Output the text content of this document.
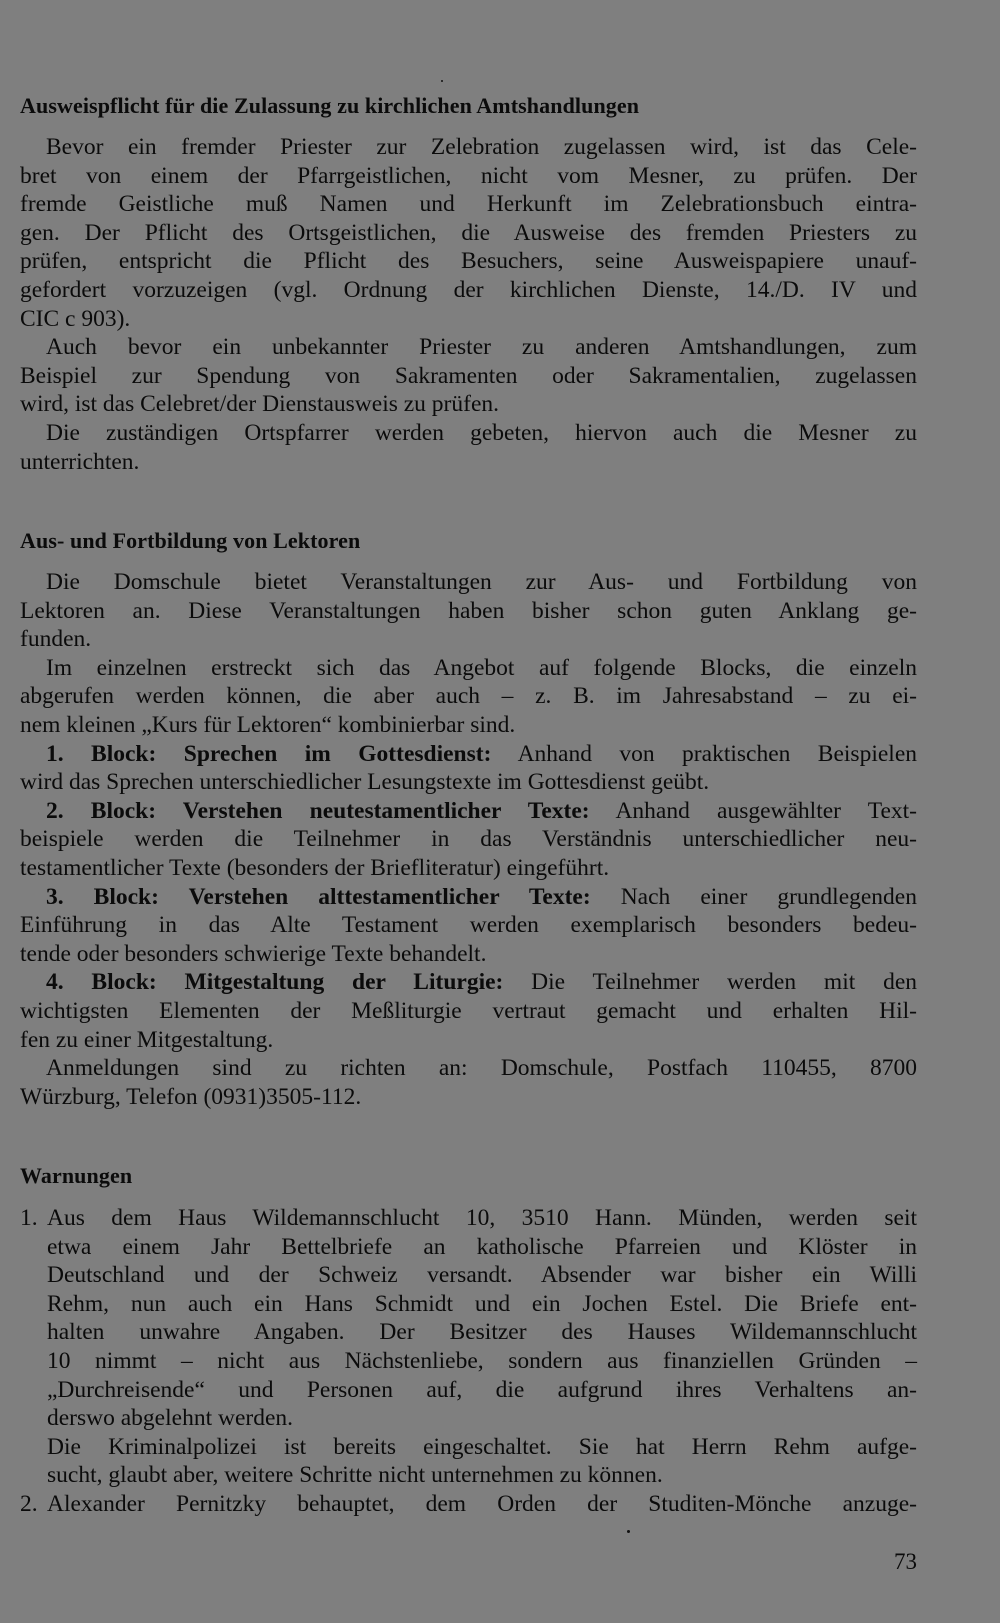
Ausweispflicht für die Zulassung zu kirchlichen Amtshandlungen
Bevor ein fremder Priester zur Zelebration zugelassen wird, ist das Cele-
bret von einem der Pfarrgeistlichen, nicht vom Mesner, zu prüfen. Der
fremde Geistliche muß Namen und Herkunft im Zelebrationsbuch eintra-
gen. Der Pflicht des Ortsgeistlichen, die Ausweise des fremden Priesters zu
prüfen, entspricht die Pflicht des Besuchers, seine Ausweispapiere unauf-
gefordert vorzuzeigen (vgl. Ordnung der kirchlichen Dienste, 14./D. IV und
CIC c 903).
Auch bevor ein unbekannter Priester zu anderen Amtshandlungen, zum
Beispiel zur Spendung von Sakramenten oder Sakramentalien, zugelassen
wird, ist das Celebret/der Dienstausweis zu prüfen.
Die zuständigen Ortspfarrer werden gebeten, hiervon auch die Mesner zu
unterrichten.
Aus- und Fortbildung von Lektoren
Die Domschule bietet Veranstaltungen zur Aus- und Fortbildung von
Lektoren an. Diese Veranstaltungen haben bisher schon guten Anklang ge-
funden.
Im einzelnen erstreckt sich das Angebot auf folgende Blocks, die einzeln
abgerufen werden können, die aber auch – z. B. im Jahresabstand – zu ei-
nem kleinen „Kurs für Lektoren“ kombinierbar sind.
1. Block: Sprechen im Gottesdienst: Anhand von praktischen Beispielen
wird das Sprechen unterschiedlicher Lesungstexte im Gottesdienst geübt.
2. Block: Verstehen neutestamentlicher Texte: Anhand ausgewählter Text-
beispiele werden die Teilnehmer in das Verständnis unterschiedlicher neu-
testamentlicher Texte (besonders der Briefliteratur) eingeführt.
3. Block: Verstehen alttestamentlicher Texte: Nach einer grundlegenden
Einführung in das Alte Testament werden exemplarisch besonders bedeu-
tende oder besonders schwierige Texte behandelt.
4. Block: Mitgestaltung der Liturgie: Die Teilnehmer werden mit den
wichtigsten Elementen der Meßliturgie vertraut gemacht und erhalten Hil-
fen zu einer Mitgestaltung.
Anmeldungen sind zu richten an: Domschule, Postfach 110455, 8700
Würzburg, Telefon (0931)3505-112.
Warnungen
1. Aus dem Haus Wildemannschlucht 10, 3510 Hann. Münden, werden seit
etwa einem Jahr Bettelbriefe an katholische Pfarreien und Klöster in
Deutschland und der Schweiz versandt. Absender war bisher ein Willi
Rehm, nun auch ein Hans Schmidt und ein Jochen Estel. Die Briefe ent-
halten unwahre Angaben. Der Besitzer des Hauses Wildemannschlucht
10 nimmt – nicht aus Nächstenliebe, sondern aus finanziellen Gründen –
„Durchreisende“ und Personen auf, die aufgrund ihres Verhaltens an-
derswo abgelehnt werden.
Die Kriminalpolizei ist bereits eingeschaltet. Sie hat Herrn Rehm aufge-
sucht, glaubt aber, weitere Schritte nicht unternehmen zu können.
2. Alexander Pernitzky behauptet, dem Orden der Studiten-Mönche anzuge-
73
